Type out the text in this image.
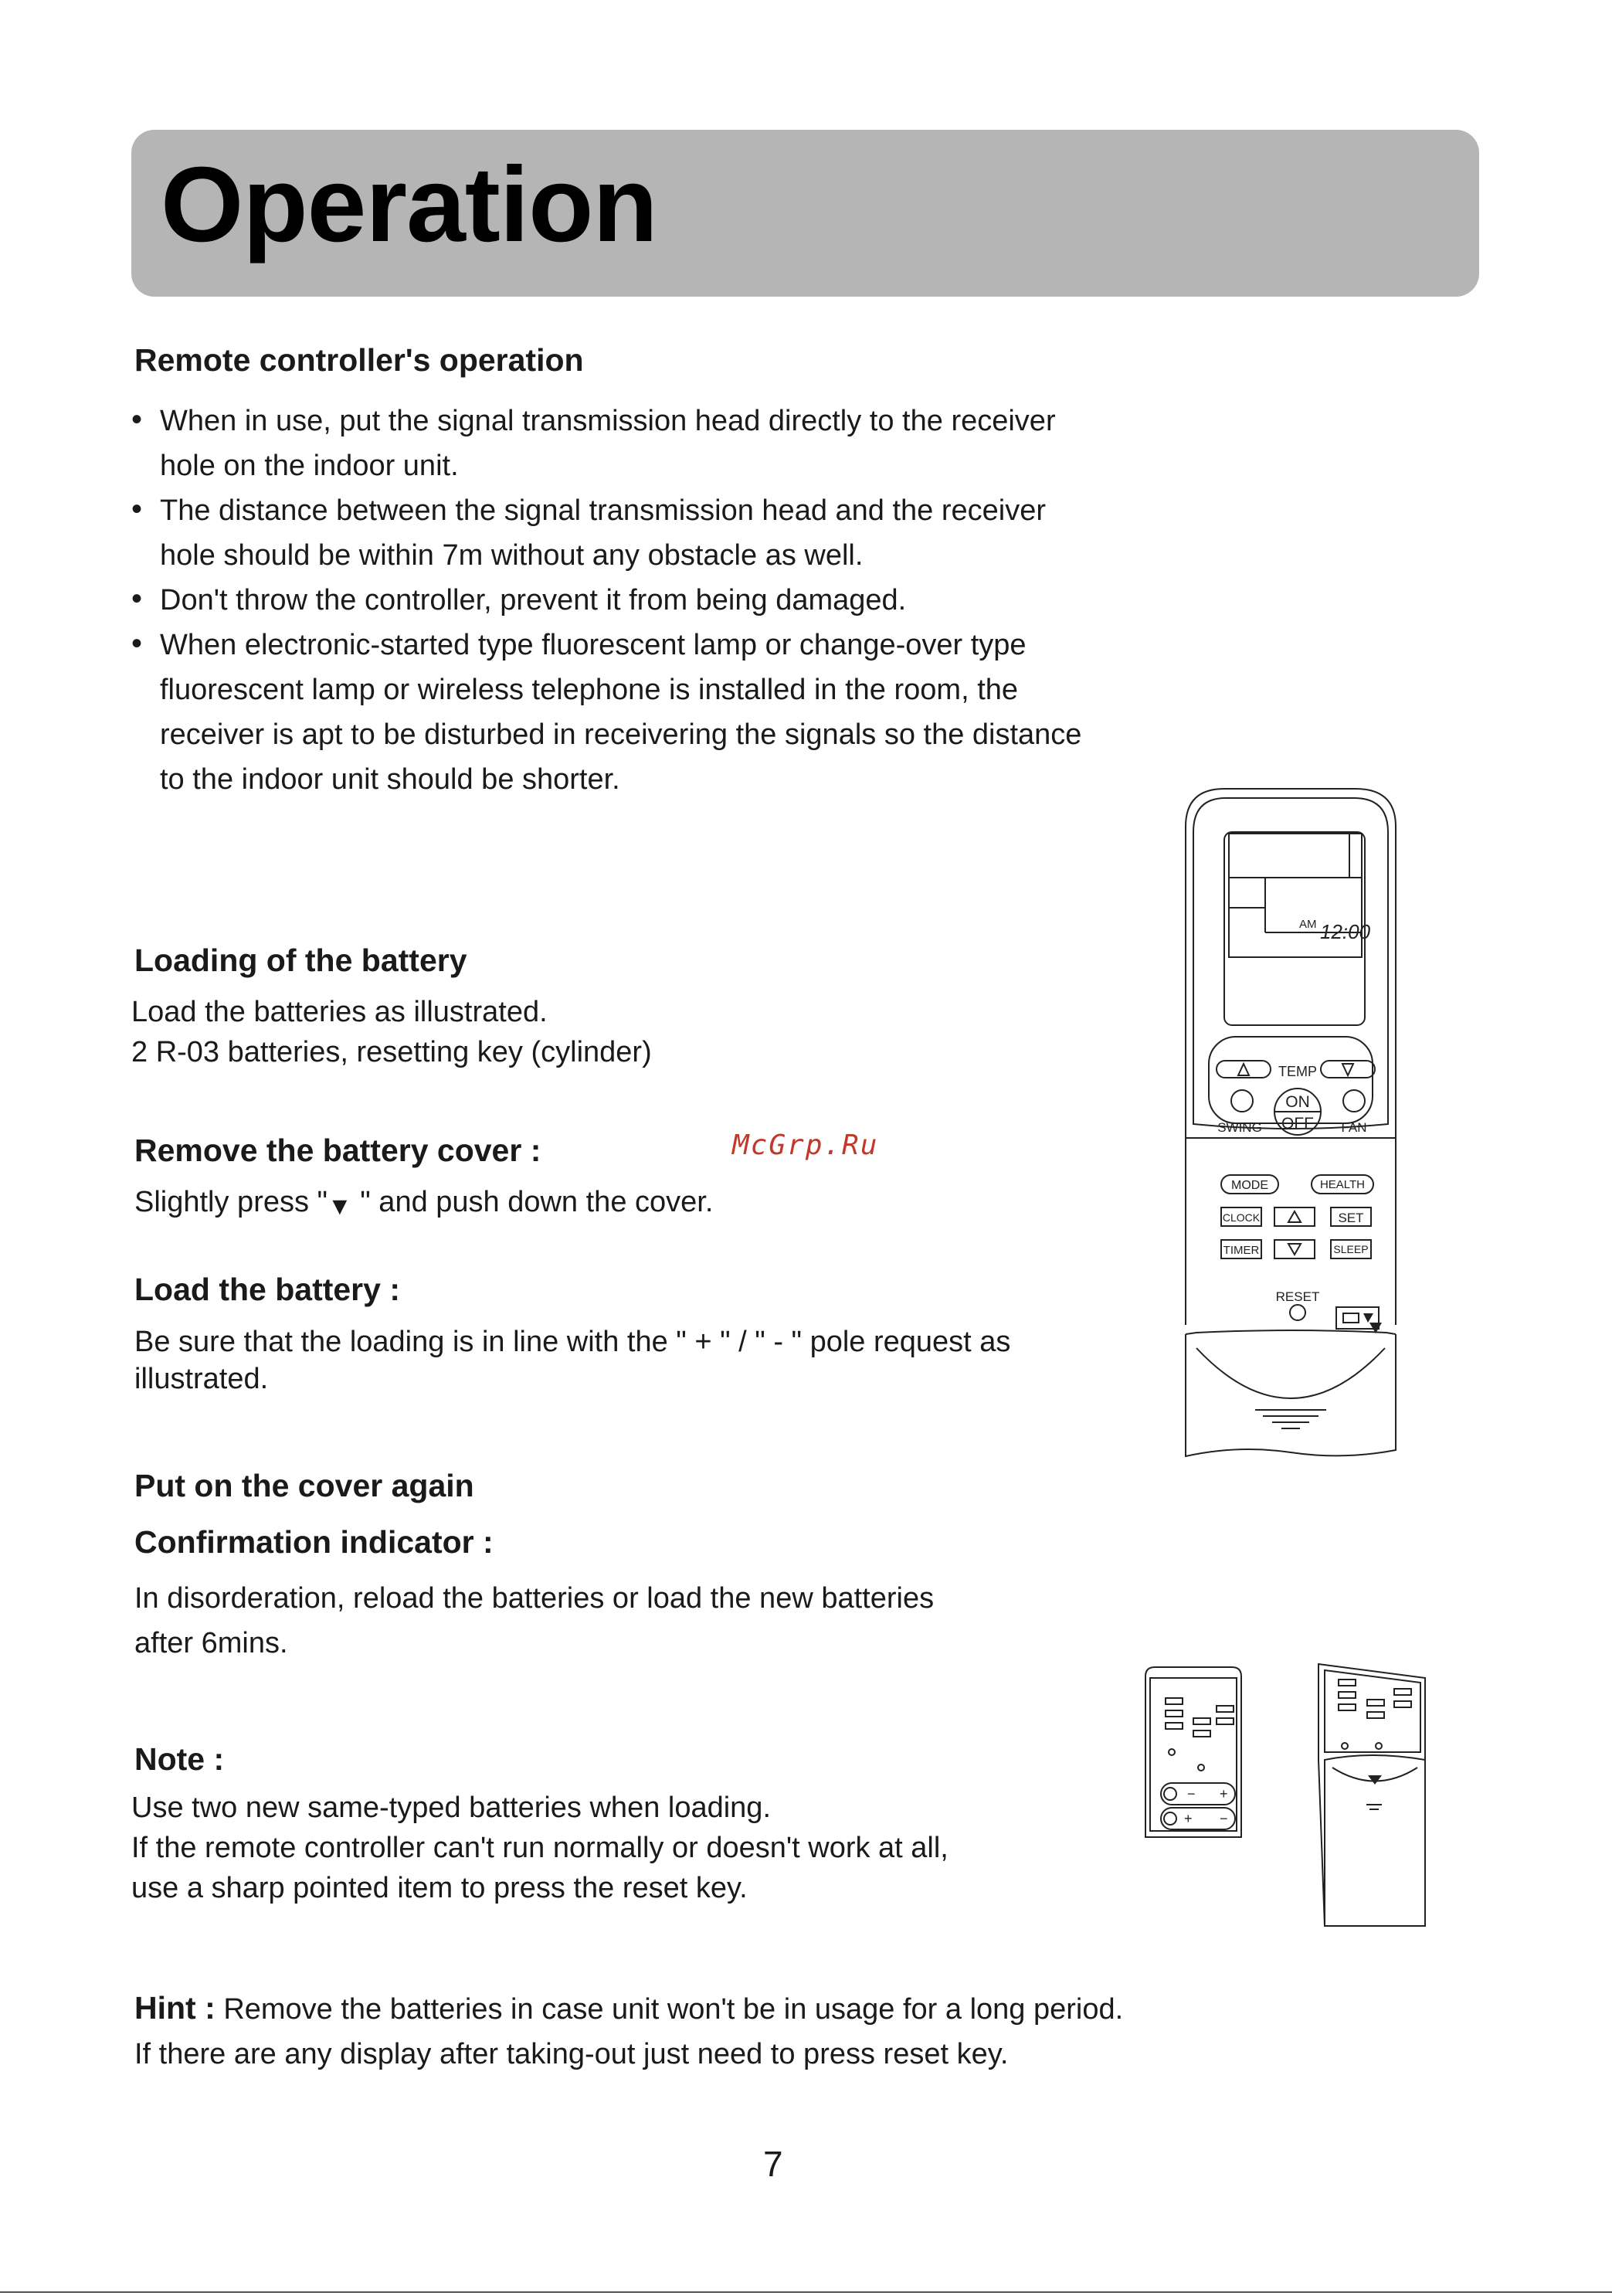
Operation
Remote controller's operation
• When in use, put the signal transmission head directly to the receiver hole on the indoor unit.
• The distance between the signal transmission head and the receiver hole should be within 7m without any obstacle as well.
• Don't throw the controller, prevent it from being damaged.
• When electronic-started type fluorescent lamp or change-over type fluorescent lamp or wireless telephone is installed in the room, the receiver is apt to be disturbed in receivering the signals so the distance to the indoor unit should be shorter.
Loading of the battery
Load the batteries as illustrated.
2 R-03 batteries, resetting key (cylinder)
McGrp.Ru
Remove the battery cover :
Slightly press "▼ " and push down the cover.
Load the battery :
Be sure that the loading is in line with the " + " / " - " pole request as illustrated.
Put on the cover again
Confirmation indicator :
In disorderation, reload the batteries or load the new batteries
after 6mins.
Note :
Use two new same-typed batteries when loading.
If the remote controller can't run normally or doesn't work at all,
use a sharp pointed item to press the reset key.
Hint : Remove the batteries in case unit won't be in usage for a long period.
If there are any display after taking-out just need to press reset key.
AM 12:00
TEMP
ON
OFF
SWING	FAN
MODE	HEALTH
CLOCK	SET
TIMER	SLEEP
RESET
− +
+ −
7
